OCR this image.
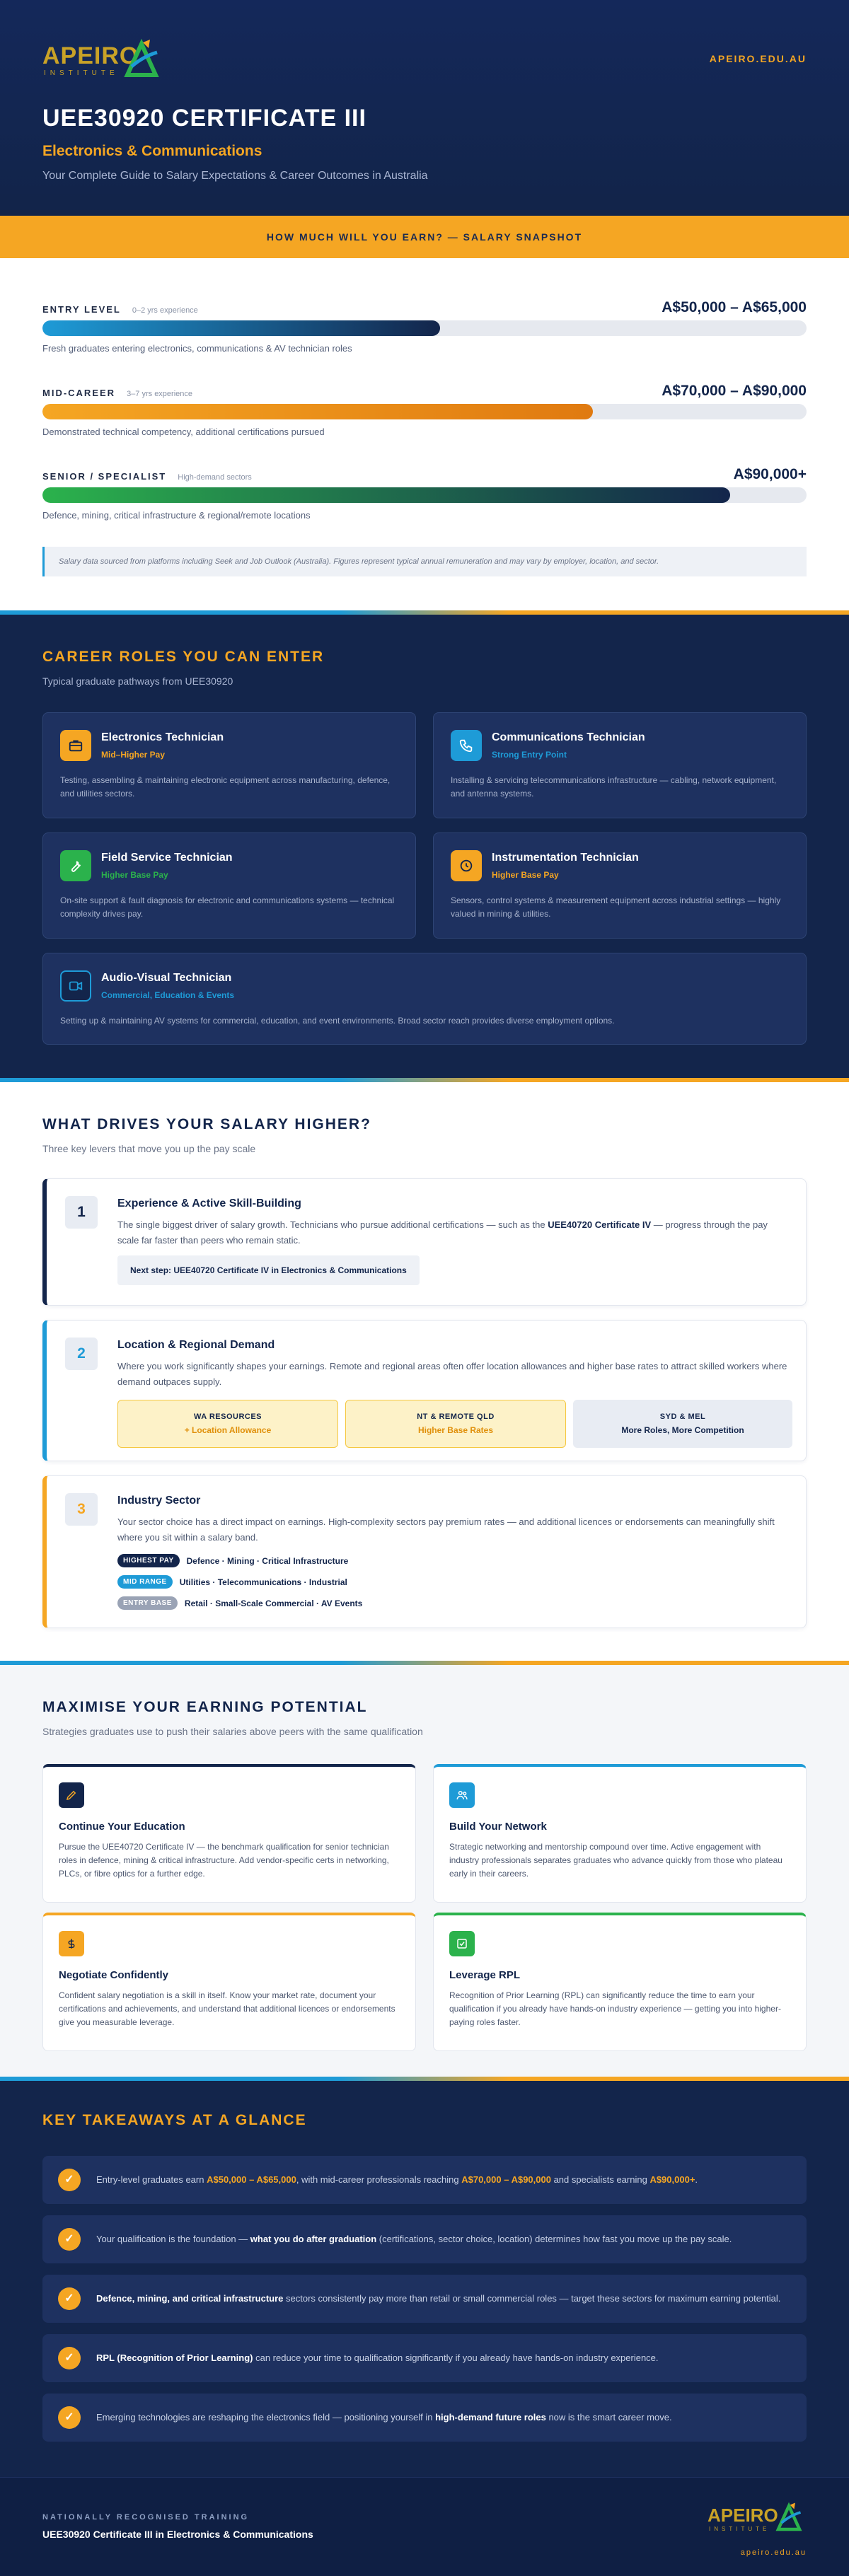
APEIRO
INSTITUTE
APEIRO.EDU.AU
UEE30920 CERTIFICATE III
Electronics & Communications

Your Complete Guide to Salary Expectations & Career Outcomes in Australia

HOW MUCH WILL YOU EARN? — SALARY SNAPSHOT
ENTRY LEVEL 0–2 yrs experience	A$50,000 – A$65,000
Fresh graduates entering electronics, communications & AV technician roles
MID-CAREER 3–7 yrs experience	A$70,000 – A$90,000
Demonstrated technical competency, additional certifications pursued
SENIOR / SPECIALIST High-demand sectors	A$90,000+
Defence, mining, critical infrastructure & regional/remote locations
Salary data sourced from platforms including Seek and Job Outlook (Australia). Figures represent typical annual remuneration and may vary by employer, location, and sector.
CAREER ROLES YOU CAN ENTER
Typical graduate pathways from UEE30920
Electronics Technician
Mid–Higher Pay
Testing, assembling & maintaining electronic equipment across manufacturing, defence, and utilities sectors.
Communications Technician
Strong Entry Point
Installing & servicing telecommunications infrastructure — cabling, network equipment, and antenna systems.
Field Service Technician
Higher Base Pay
On-site support & fault diagnosis for electronic and communications systems — technical complexity drives pay.
Instrumentation Technician
Higher Base Pay
Sensors, control systems & measurement equipment across industrial settings — highly valued in mining & utilities.
Audio-Visual Technician
Commercial, Education & Events
Setting up & maintaining AV systems for commercial, education, and event environments. Broad sector reach provides diverse employment options.
WHAT DRIVES YOUR SALARY HIGHER?
Three key levers that move you up the pay scale
1
Experience & Active Skill-Building
The single biggest driver of salary growth. Technicians who pursue additional certifications — such as the UEE40720 Certificate IV — progress through the pay scale far faster than peers who remain static.
Next step: UEE40720 Certificate IV in Electronics & Communications
2
Location & Regional Demand
Where you work significantly shapes your earnings. Remote and regional areas often offer location allowances and higher base rates to attract skilled workers where demand outpaces supply.
WA RESOURCES
+ Location Allowance
NT & REMOTE QLD
Higher Base Rates
SYD & MEL
More Roles, More Competition
3
Industry Sector
Your sector choice has a direct impact on earnings. High-complexity sectors pay premium rates — and additional licences or endorsements can meaningfully shift where you sit within a salary band.
HIGHEST PAY	Defence · Mining · Critical Infrastructure
MID RANGE	Utilities · Telecommunications · Industrial
ENTRY BASE	Retail · Small-Scale Commercial · AV Events
MAXIMISE YOUR EARNING POTENTIAL
Strategies graduates use to push their salaries above peers with the same qualification
Continue Your Education
Pursue the UEE40720 Certificate IV — the benchmark qualification for senior technician roles in defence, mining & critical infrastructure. Add vendor-specific certs in networking, PLCs, or fibre optics for a further edge.
Build Your Network
Strategic networking and mentorship compound over time. Active engagement with industry professionals separates graduates who advance quickly from those who plateau early in their careers.
Negotiate Confidently
Confident salary negotiation is a skill in itself. Know your market rate, document your certifications and achievements, and understand that additional licences or endorsements give you measurable leverage.
Leverage RPL
Recognition of Prior Learning (RPL) can significantly reduce the time to earn your qualification if you already have hands-on industry experience — getting you into higher-paying roles faster.
KEY TAKEAWAYS AT A GLANCE
✓	Entry-level graduates earn A$50,000 – A$65,000, with mid-career professionals reaching A$70,000 – A$90,000 and specialists earning A$90,000+.
✓	Your qualification is the foundation — what you do after graduation (certifications, sector choice, location) determines how fast you move up the pay scale.
✓	Defence, mining, and critical infrastructure sectors consistently pay more than retail or small commercial roles — target these sectors for maximum earning potential.
✓	RPL (Recognition of Prior Learning) can reduce your time to qualification significantly if you already have hands-on industry experience.
✓	Emerging technologies are reshaping the electronics field — positioning yourself in high-demand future roles now is the smart career move.
NATIONALLY RECOGNISED TRAINING
UEE30920 Certificate III in Electronics & Communications
APEIRO
INSTITUTE
apeiro.edu.au
